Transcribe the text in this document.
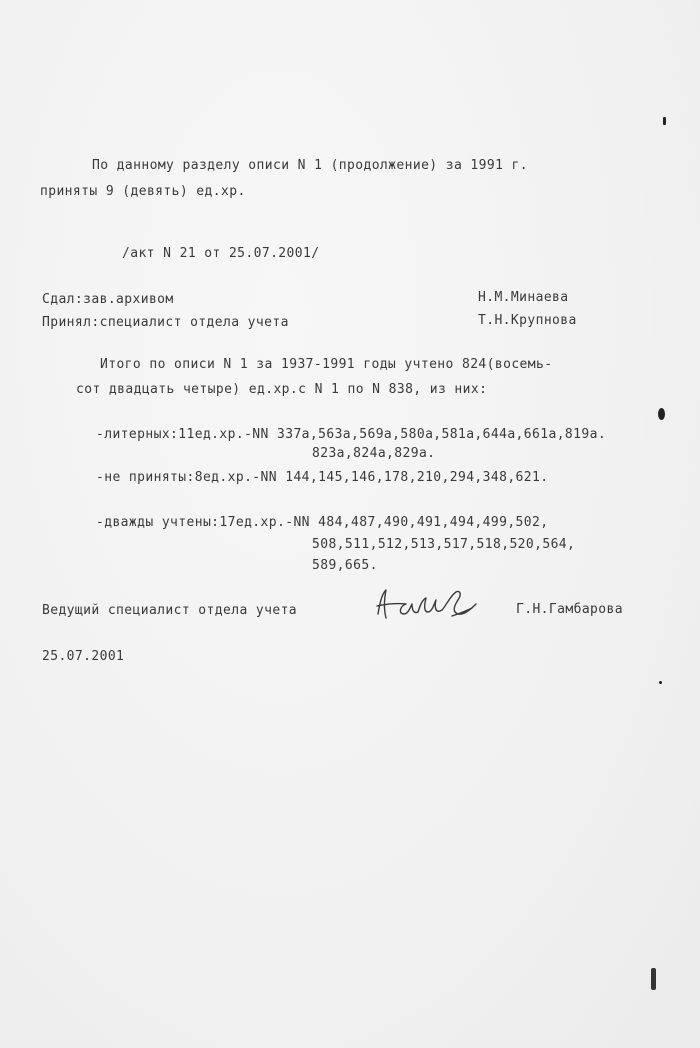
По данному разделу описи N 1 (продолжение) за 1991 г.
приняты 9 (девять) ед.хр.
/акт N 21 от 25.07.2001/
Сдал:зав.архивом	Н.М.Минаева
Принял:специалист отдела учета	Т.Н.Крупнова
Итого по описи N 1 за 1937-1991 годы учтено 824(восемь-
сот двадцать четыре) ед.хр.с N 1 по N 838, из них:
-литерных:11ед.хр.-NN 337а,563а,569а,580а,581а,644а,661а,819а.
823а,824а,829а.
-не приняты:8ед.хр.-NN 144,145,146,178,210,294,348,621.
-дважды учтены:17ед.хр.-NN 484,487,490,491,494,499,502,
508,511,512,513,517,518,520,564,
589,665.
Ведущий специалист отдела учета	Г.Н.Гамбарова
25.07.2001
